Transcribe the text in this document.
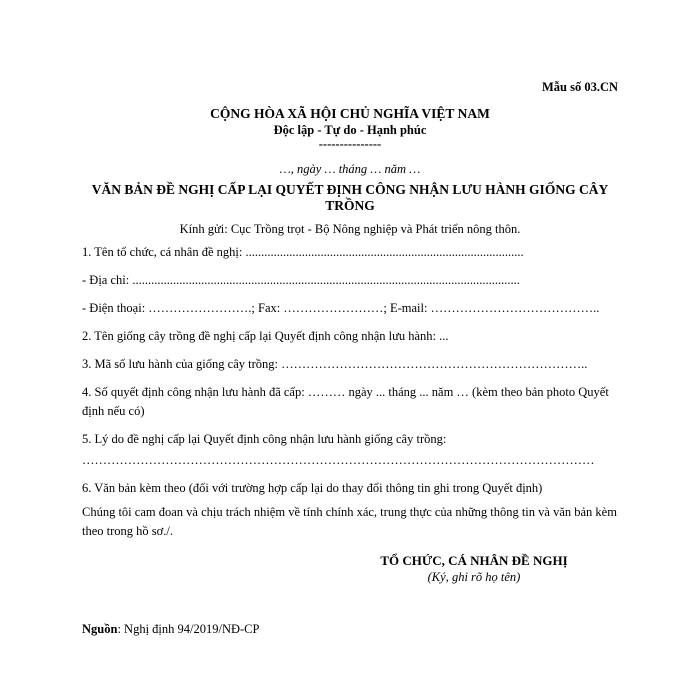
Mẫu số 03.CN
CỘNG HÒA XÃ HỘI CHỦ NGHĨA VIỆT NAM
Độc lập - Tự do - Hạnh phúc
---------------
…, ngày … tháng … năm …
VĂN BẢN ĐỀ NGHỊ CẤP LẠI QUYẾT ĐỊNH CÔNG NHẬN LƯU HÀNH GIỐNG CÂY TRỒNG
Kính gửi: Cục Trồng trọt - Bộ Nông nghiệp và Phát triển nông thôn.

1. Tên tổ chức, cá nhân đề nghị: .........................................................................................

- Địa chỉ: ............................................................................................................................

- Điện thoại: …………………….; Fax: ……………………; E-mail: …………………………………..

2. Tên giống cây trồng đề nghị cấp lại Quyết định công nhận lưu hành: ...

3. Mã số lưu hành của giống cây trồng: ………………………………………………………………..

4. Số quyết định công nhận lưu hành đã cấp: ……… ngày ... tháng ... năm … (kèm theo bản photo Quyết định nếu có)

5. Lý do đề nghị cấp lại Quyết định công nhận lưu hành giống cây trồng:

……………………………………………………………………………………………………………

6. Văn bản kèm theo (đối với trường hợp cấp lại do thay đổi thông tin ghi trong Quyết định)

Chúng tôi cam đoan và chịu trách nhiệm về tính chính xác, trung thực của những thông tin và văn bản kèm theo trong hồ sơ./.

TỔ CHỨC, CÁ NHÂN ĐỀ NGHỊ
(Ký, ghi rõ họ tên)
Nguồn: Nghị định 94/2019/NĐ-CP
